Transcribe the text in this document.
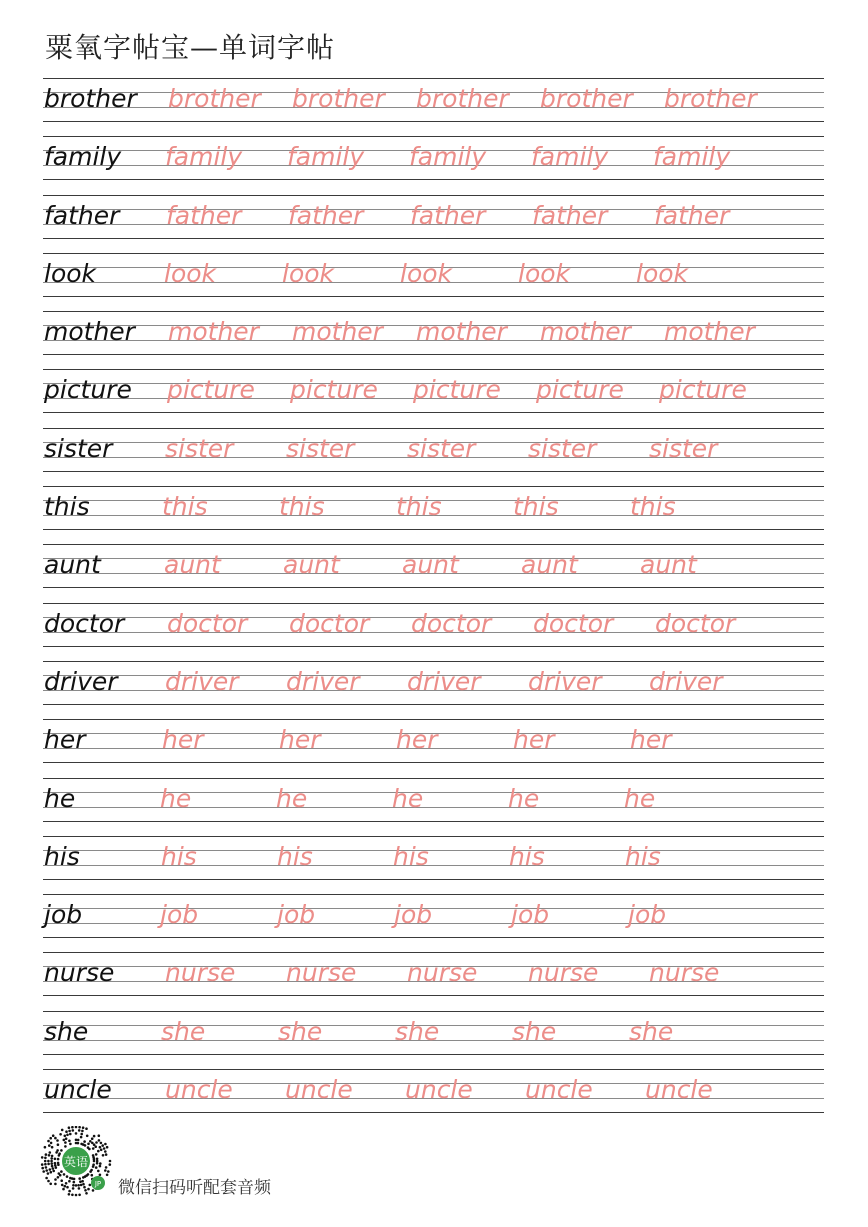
粟氧字帖宝—单词字帖
brother brother brother brother brother brother
family family family family family family
father father father father father father
look	look	look	look	look	look
mother mother mother mother mother mother
picture picture picture picture picture picture
sister sister sister sister sister sister
this	this	this	this	this	this
aunt	aunt aunt aunt aunt aunt
doctor doctor doctor doctor doctor doctor
driver driver driver driver driver driver
her	her	her	her	her	her
he	he	he	he	he	he
his	his	his	his	his	his
job	job	job	job	job	job
nurse nurse nurse nurse nurse nurse
she	she	she	she	she	she
uncle uncle uncle uncle uncle uncle
英语
JP 微信扫码听配套音频
